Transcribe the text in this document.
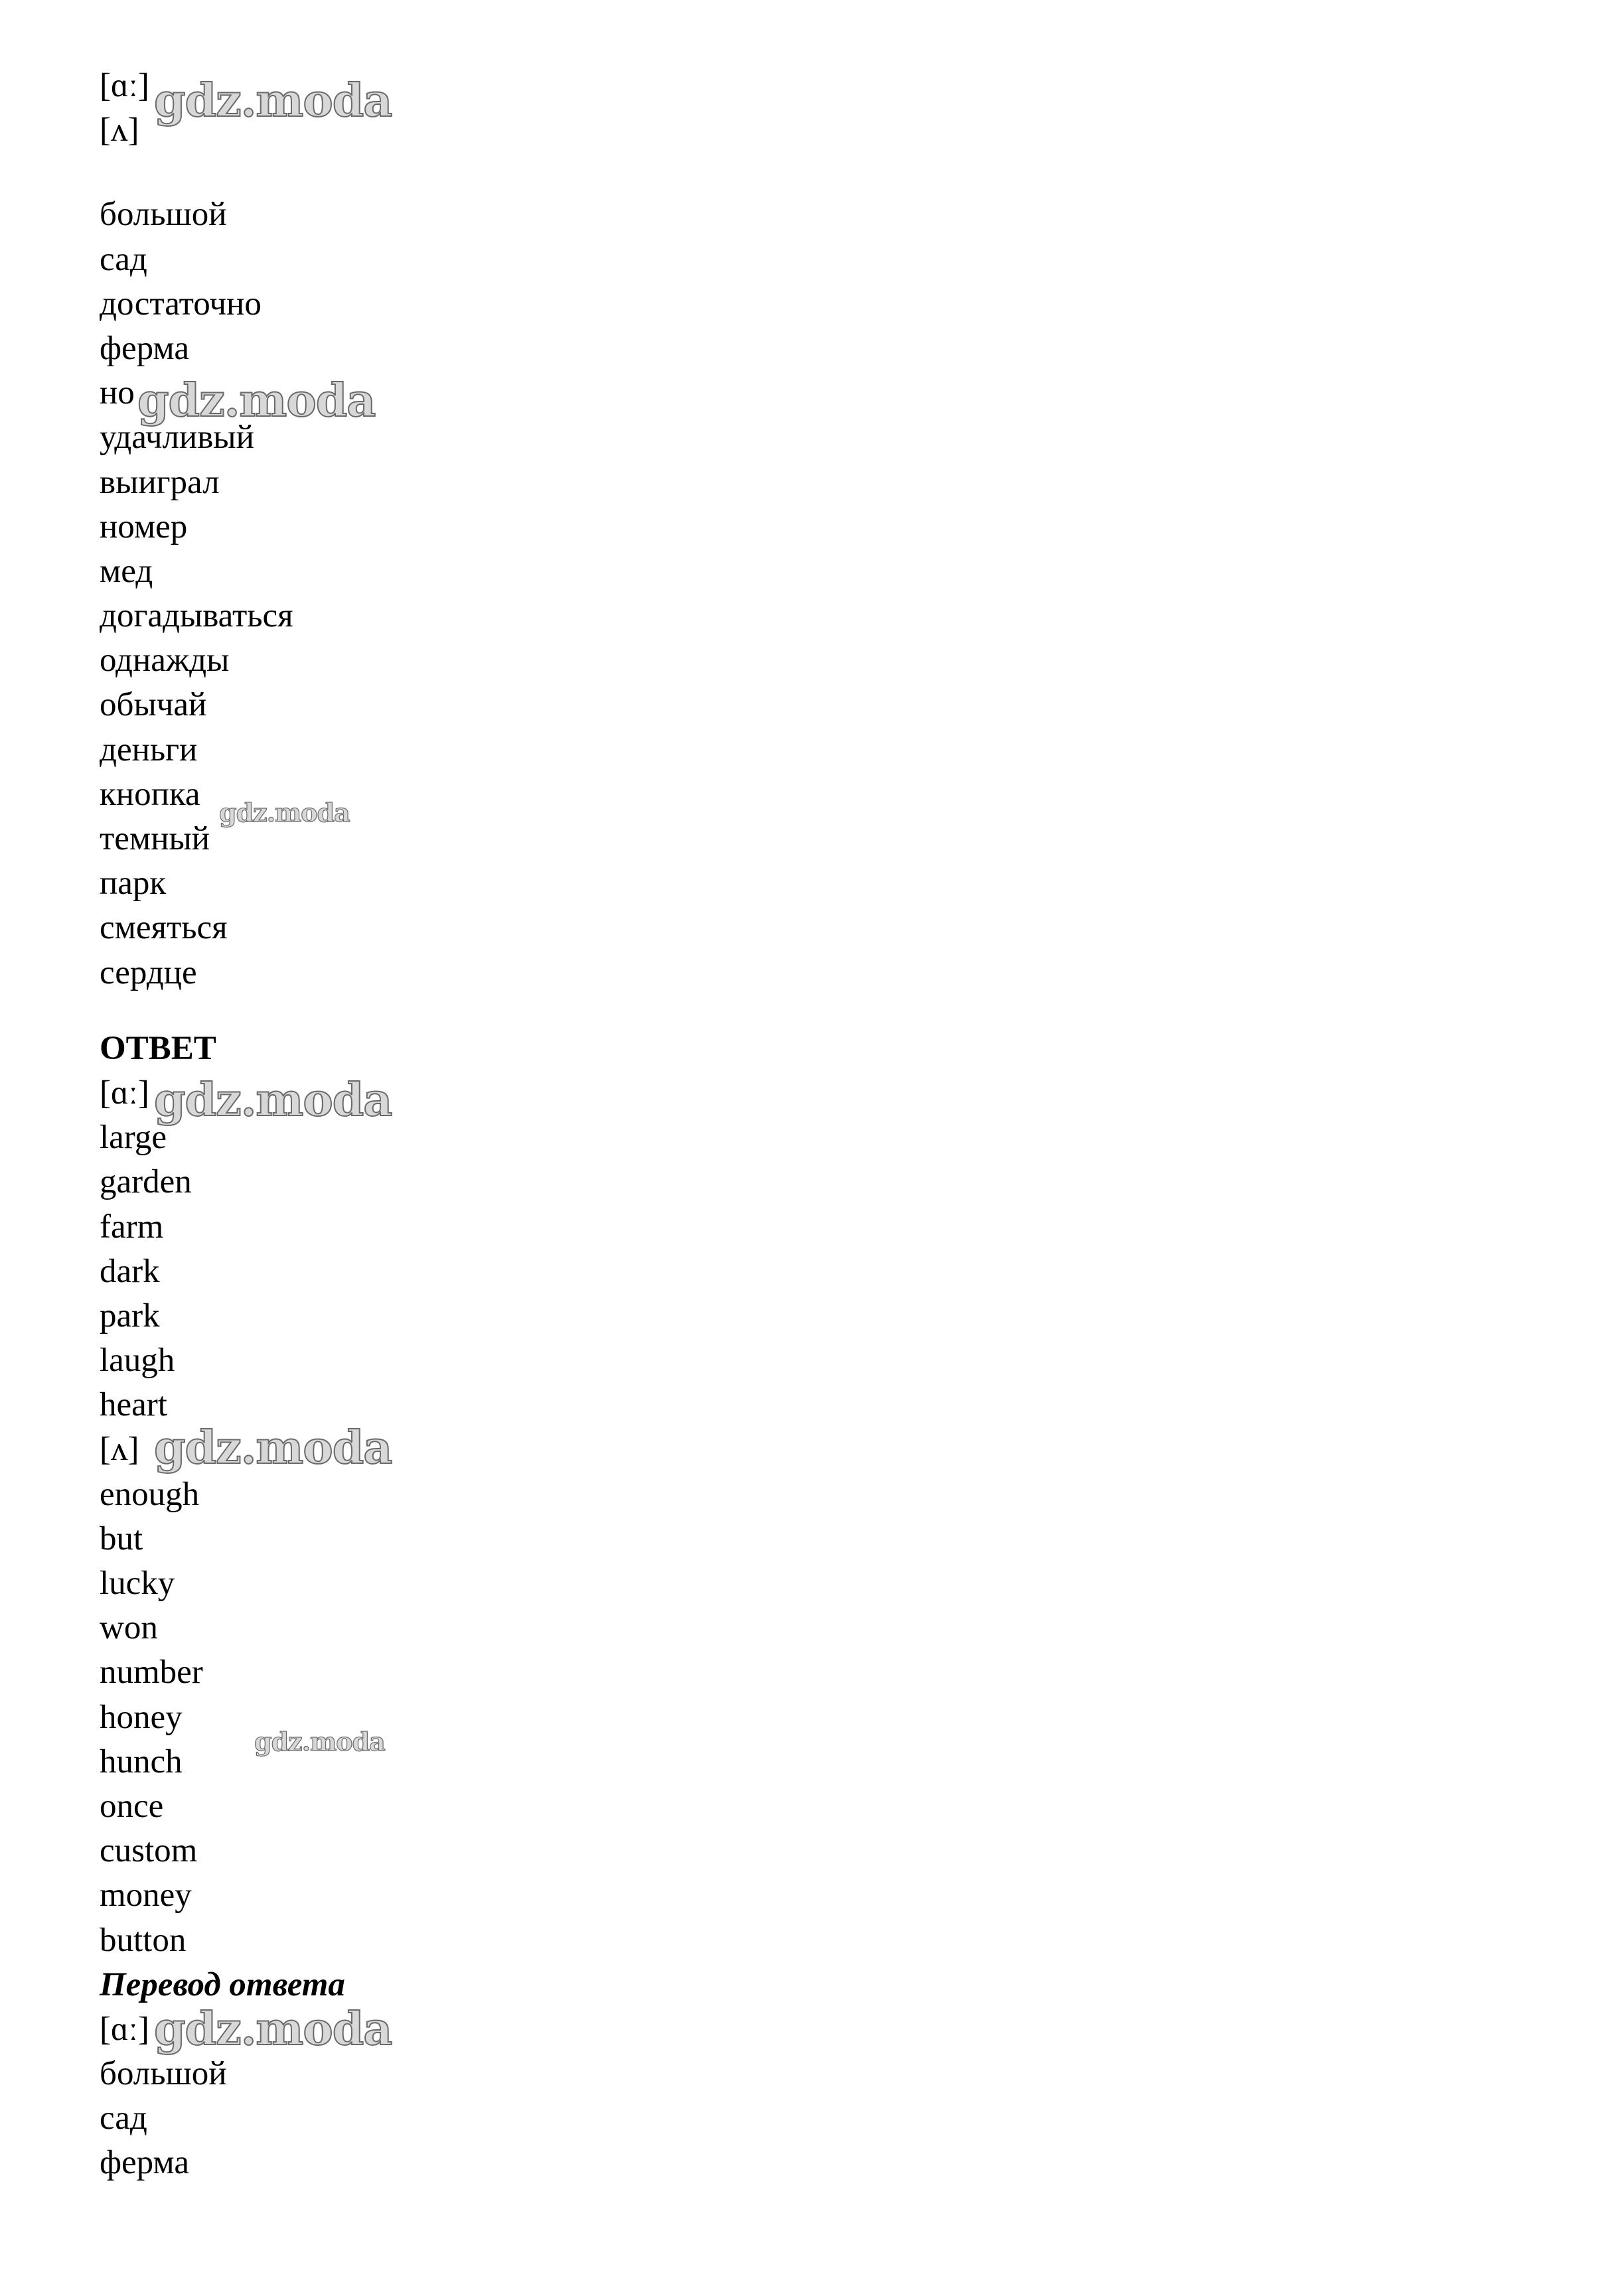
[ɑː]
[ʌ]
большой
сад
достаточно
ферма
но
удачливый
выиграл
номер
мед
догадываться
однажды
обычай
деньги
кнопка
темный
парк
смеяться
сердце
ОТВЕТ
[ɑː]
large
garden
farm
dark
park
laugh
heart
[ʌ]
enough
but
lucky
won
number
honey
hunch
once
custom
money
button
Перевод ответа
[ɑː]
большой
сад
ферма
gdz.moda
gdz.moda
gdz.moda
gdz.moda
gdz.moda
gdz.moda
gdz.moda
